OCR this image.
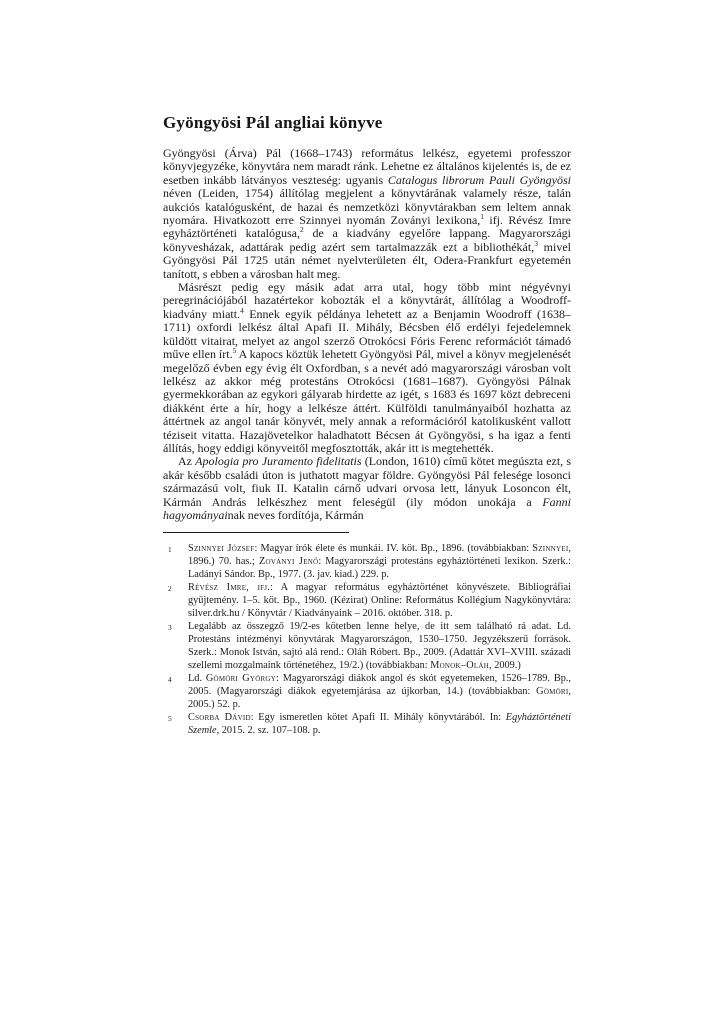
Gyöngyösi Pál angliai könyve

Gyöngyösi (Árva) Pál (1668–1743) református lelkész, egyetemi professzor könyvjegyzéke, könyvtára nem maradt ránk. Lehetne ez általános kijelentés is, de ez esetben inkább látványos veszteség: ugyanis Catalogus librorum Pauli Gyöngyösi néven (Leiden, 1754) állítólag megjelent a könyvtárának valamely része, talán aukciós katalógusként, de hazai és nemzetközi könyvtárakban sem leltem annak nyomára. Hivatkozott erre Szinnyei nyomán Zoványi lexikona,$^1$ ifj. Révész Imre egyháztörténeti katalógusa,$^2$ de a kiadvány egyelőre lappang. Magyarországi könyvesházak, adattárak pedig azért sem tartalmazzák ezt a bibliothékát,$^3$ mivel Gyöngyösi Pál 1725 után német nyelvterületen élt, Odera-Frankfurt egyetemén tanított, s ebben a városban halt meg.

Másrészt pedig egy másik adat arra utal, hogy több mint négyévnyi peregrinációjából hazatértekor kobozták el a könyvtárát, állítólag a Woodroff-kiadvány miatt.$^4$ Ennek egyik példánya lehetett az a Benjamin Woodroff (1638–1711) oxfordi lelkész által Apafi II. Mihály, Bécsben élő erdélyi fejedelemnek küldött vitairat, melyet az angol szerző Otrokócsi Fóris Ferenc reformációt támadó műve ellen írt.$^5$ A kapocs köztük lehetett Gyöngyösi Pál, mivel a könyv megjelenését megelőző évben egy évig élt Oxfordban, s a nevét adó magyarországi városban volt lelkész az akkor még protestáns Otrokócsi (1681–1687). Gyöngyösi Pálnak gyermekkorában az egykori gályarab hirdette az igét, s 1683 és 1697 közt debreceni diákként érte a hír, hogy a lelkésze áttért. Külföldi tanulmányaiból hozhatta az áttértnek az angol tanár könyvét, mely annak a reformációról katolikusként vallott téziseit vitatta. Hazajövetelkor haladhatott Bécsen át Gyöngyösi, s ha igaz a fenti állítás, hogy eddigi könyveitől megfosztották, akár itt is megtehették.

Az Apologia pro Juramento fidelitatis (London, 1610) című kötet megúszta ezt, s akár később családi úton is juthatott magyar földre. Gyöngyösi Pál felesége losonci származású volt, fiuk II. Katalin cárnő udvari orvosa lett, lányuk Losoncon élt, Kármán András lelkészhez ment feleségül (ily módon unokája a Fanni hagyományainak neves fordítója, Kármán

1	Szinnyei József: Magyar írók élete és munkái. IV. köt. Bp., 1896. (továbbiakban: Szinnyei, 1896.) 70. has.; Zoványi Jenő: Magyarországi protestáns egyháztörténeti lexikon. Szerk.: Ladányi Sándor. Bp., 1977. (3. jav. kiad.) 229. p.
2	Révész Imre, ifj.: A magyar református egyháztörténet könyvészete. Bibliográfiai gyűjtemény. 1–5. köt. Bp., 1960. (Kézirat) Online: Református Kollégium Nagykönyvtára: silver.drk.hu / Könyvtár / Kiadványaink – 2016. október. 318. p.
3	Legalább az összegző 19/2-es kötetben lenne helye, de itt sem található rá adat. Ld. Protestáns intézményi könyvtárak Magyarországon, 1530–1750. Jegyzékszerű források. Szerk.: Monok István, sajtó alá rend.: Oláh Róbert. Bp., 2009. (Adattár XVI–XVIII. századi szellemi mozgalmaink történetéhez, 19/2.) (továbbiakban: Monok–Oláh, 2009.)
4	Ld. Gömöri György: Magyarországi diákok angol és skót egyetemeken, 1526–1789. Bp., 2005. (Magyarországi diákok egyetemjárása az újkorban, 14.) (továbbiakban: Gömöri, 2005.) 52. p.
5	Csorba Dávid: Egy ismeretlen kötet Apafi II. Mihály könyvtárából. In: Egyháztörténeti Szemle, 2015. 2. sz. 107–108. p.
